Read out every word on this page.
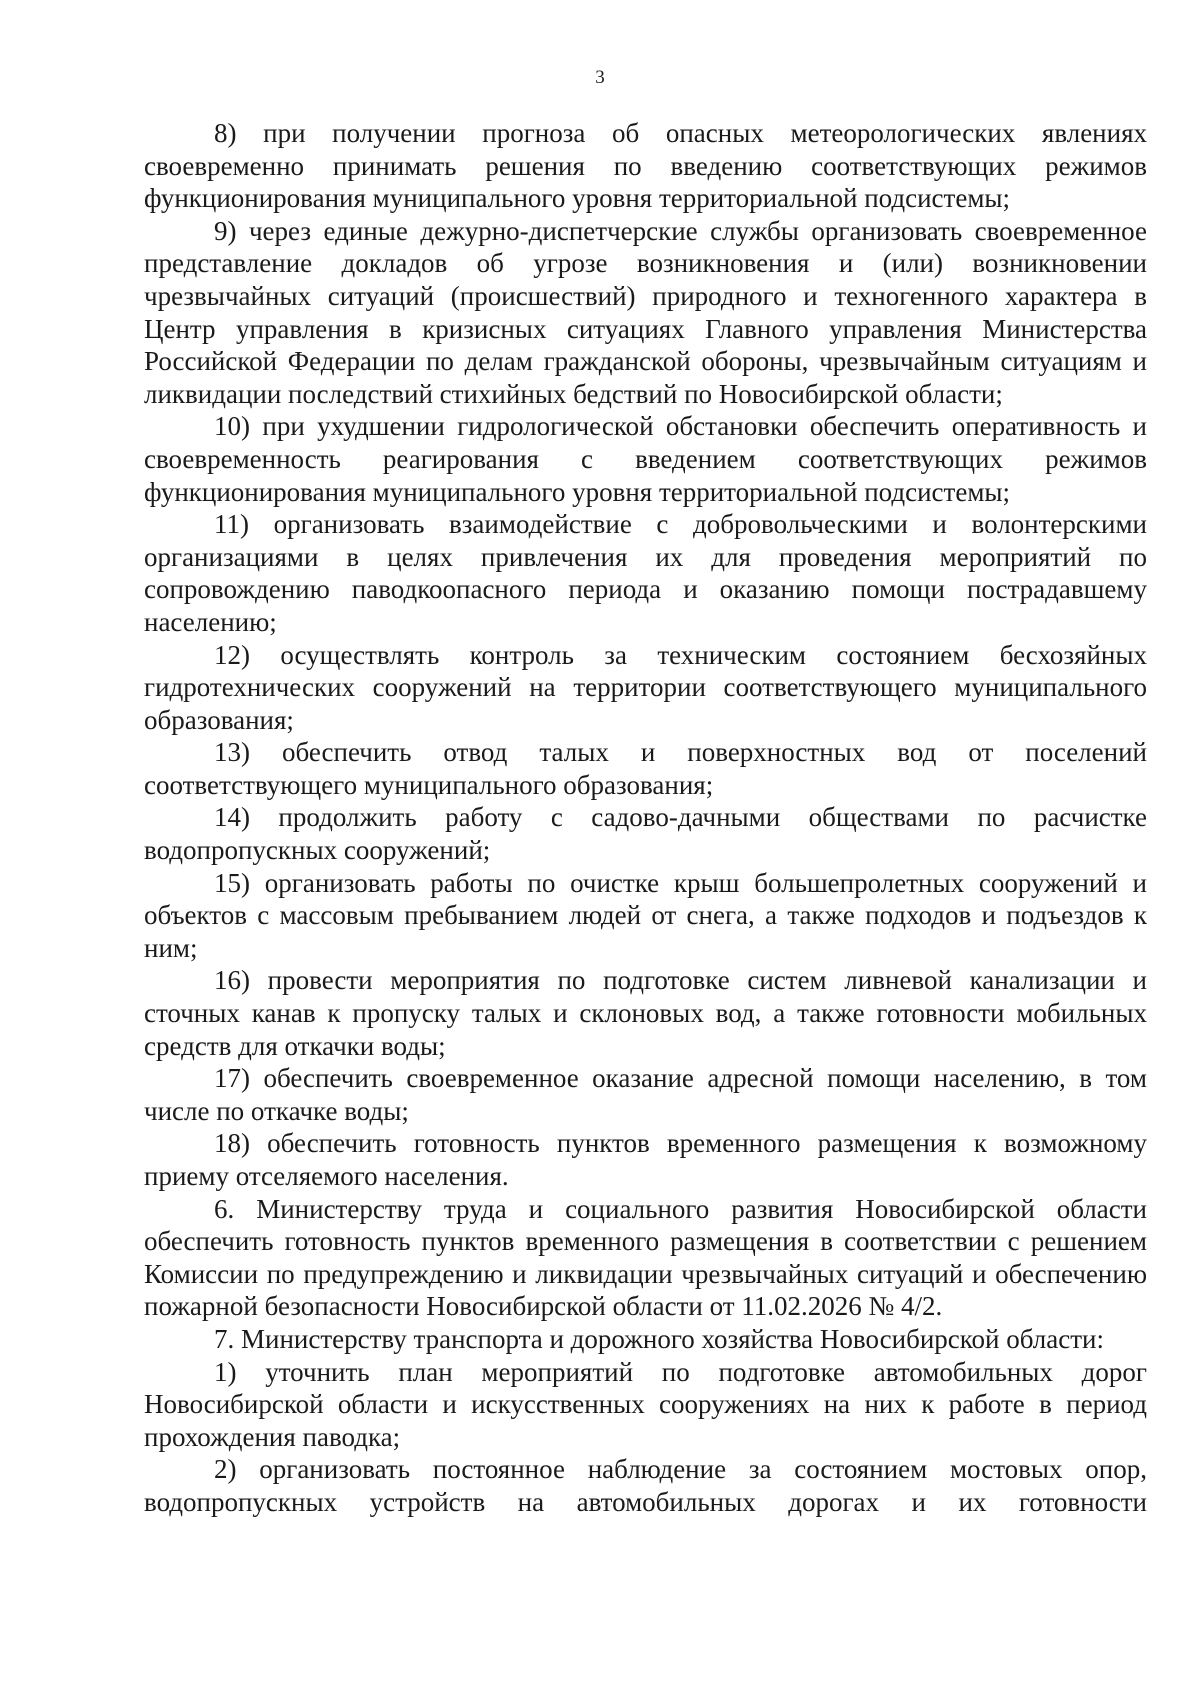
3

8) при получении прогноза об опасных метеорологических явлениях своевременно принимать решения по введению соответствующих режимов функционирования муниципального уровня территориальной подсистемы;

9) через единые дежурно-диспетчерские службы организовать своевременное представление докладов об угрозе возникновения и (или) возникновении чрезвычайных ситуаций (происшествий) природного и техногенного характера в Центр управления в кризисных ситуациях Главного управления Министерства Российской Федерации по делам гражданской обороны, чрезвычайным ситуациям и ликвидации последствий стихийных бедствий по Новосибирской области;

10) при ухудшении гидрологической обстановки обеспечить оперативность и своевременность реагирования с введением соответствующих режимов функционирования муниципального уровня территориальной подсистемы;

11) организовать взаимодействие с добровольческими и волонтерскими организациями в целях привлечения их для проведения мероприятий по сопровождению паводкоопасного периода и оказанию помощи пострадавшему населению;

12) осуществлять контроль за техническим состоянием бесхозяйных гидротехнических сооружений на территории соответствующего муниципального образования;

13) обеспечить отвод талых и поверхностных вод от поселений соответствующего муниципального образования;

14) продолжить работу с садово-дачными обществами по расчистке водопропускных сооружений;

15) организовать работы по очистке крыш большепролетных сооружений и объектов с массовым пребыванием людей от снега, а также подходов и подъездов к ним;

16) провести мероприятия по подготовке систем ливневой канализации и сточных канав к пропуску талых и склоновых вод, а также готовности мобильных средств для откачки воды;

17) обеспечить своевременное оказание адресной помощи населению, в том числе по откачке воды;

18) обеспечить готовность пунктов временного размещения к возможному приему отселяемого населения.

6. Министерству труда и социального развития Новосибирской области обеспечить готовность пунктов временного размещения в соответствии с решением Комиссии по предупреждению и ликвидации чрезвычайных ситуаций и обеспечению пожарной безопасности Новосибирской области от 11.02.2026 № 4/2.

7. Министерству транспорта и дорожного хозяйства Новосибирской области:

1) уточнить план мероприятий по подготовке автомобильных дорог Новосибирской области и искусственных сооружениях на них к работе в период прохождения паводка;

2) организовать постоянное наблюдение за состоянием мостовых опор, водопропускных устройств на автомобильных дорогах и их готовности
